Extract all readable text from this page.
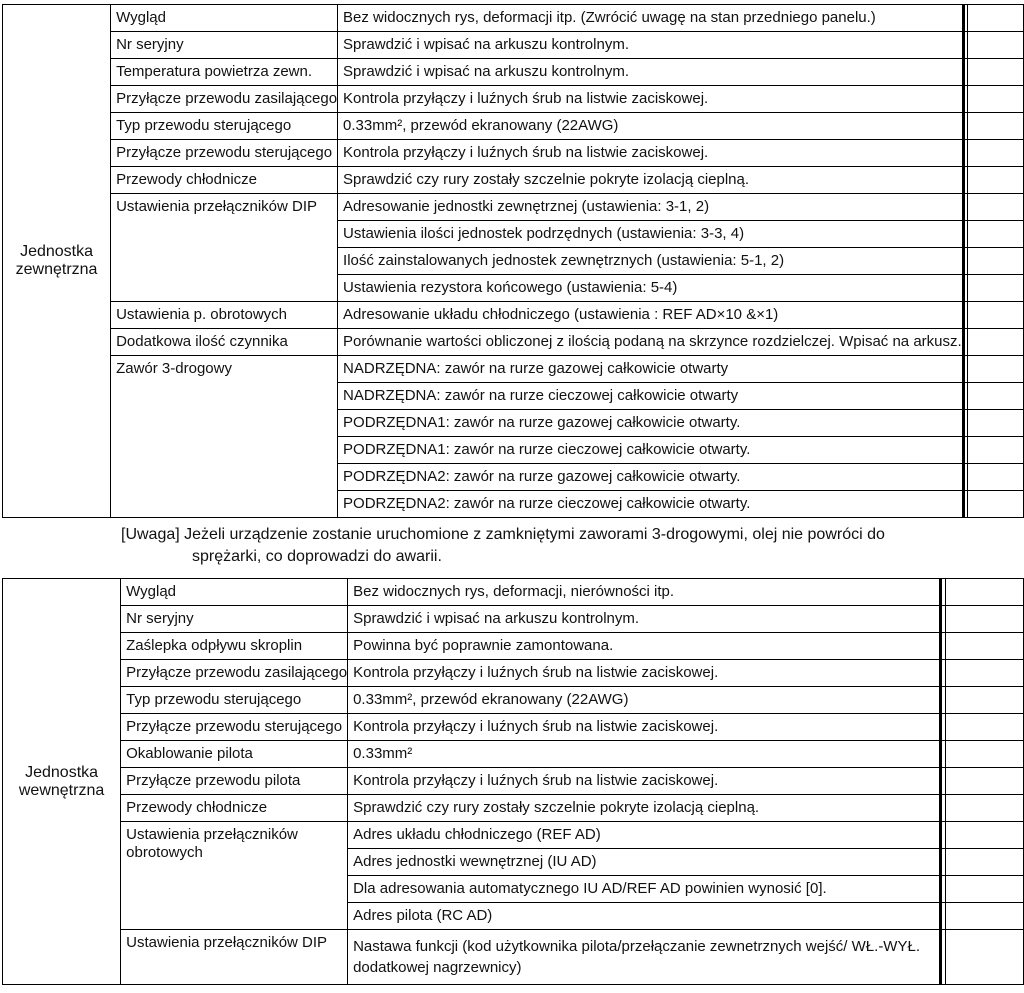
Jednostka zewnętrzna	Wygląd	Bez widocznych rys, deformacji itp. (Zwrócić uwagę na stan przedniego panelu.)		
	Nr seryjny	Sprawdzić i wpisać na arkuszu kontrolnym.		
	Temperatura powietrza zewn.	Sprawdzić i wpisać na arkuszu kontrolnym.		
	Przyłącze przewodu zasilającego	Kontrola przyłączy i luźnych śrub na listwie zaciskowej.		
	Typ przewodu sterującego	0.33mm², przewód ekranowany (22AWG)		
	Przyłącze przewodu sterującego	Kontrola przyłączy i luźnych śrub na listwie zaciskowej.		
	Przewody chłodnicze	Sprawdzić czy rury zostały szczelnie pokryte izolacją cieplną.		
	Ustawienia przełączników DIP	Adresowanie jednostki zewnętrznej (ustawienia: 3-1, 2)		
		Ustawienia ilości jednostek podrzędnych (ustawienia: 3-3, 4)		
		Ilość zainstalowanych jednostek zewnętrznych (ustawienia: 5-1, 2)		
		Ustawienia rezystora końcowego (ustawienia: 5-4)		
	Ustawienia p. obrotowych	Adresowanie układu chłodniczego (ustawienia : REF AD×10 &×1)		
	Dodatkowa ilość czynnika	Porównanie wartości obliczonej z ilością podaną na skrzynce rozdzielczej. Wpisać na arkusz.		
	Zawór 3-drogowy	NADRZĘDNA: zawór na rurze gazowej całkowicie otwarty		
		NADRZĘDNA: zawór na rurze cieczowej całkowicie otwarty		
		PODRZĘDNA1: zawór na rurze gazowej całkowicie otwarty.		
		PODRZĘDNA1: zawór na rurze cieczowej całkowicie otwarty.		
		PODRZĘDNA2: zawór na rurze gazowej całkowicie otwarty.		
		PODRZĘDNA2: zawór na rurze cieczowej całkowicie otwarty.		
[Uwaga] Jeżeli urządzenie zostanie uruchomione z zamkniętymi zaworami 3-drogowymi, olej nie powróci do
sprężarki, co doprowadzi do awarii.
Jednostka wewnętrzna	Wygląd	Bez widocznych rys, deformacji, nierówności itp.		
	Nr seryjny	Sprawdzić i wpisać na arkuszu kontrolnym.		
	Zaślepka odpływu skroplin	Powinna być poprawnie zamontowana.		
	Przyłącze przewodu zasilającego	Kontrola przyłączy i luźnych śrub na listwie zaciskowej.		
	Typ przewodu sterującego	0.33mm², przewód ekranowany (22AWG)		
	Przyłącze przewodu sterującego	Kontrola przyłączy i luźnych śrub na listwie zaciskowej.		
	Okablowanie pilota	0.33mm²		
	Przyłącze przewodu pilota	Kontrola przyłączy i luźnych śrub na listwie zaciskowej.		
	Przewody chłodnicze	Sprawdzić czy rury zostały szczelnie pokryte izolacją cieplną.		
	Ustawienia przełączników obrotowych	Adres układu chłodniczego (REF AD)		
		Adres jednostki wewnętrznej (IU AD)		
		Dla adresowania automatycznego IU AD/REF AD powinien wynosić [0].		
		Adres pilota (RC AD)		
	Ustawienia przełączników DIP	Nastawa funkcji (kod użytkownika pilota/przełączanie zewnetrznych wejść/ WŁ.-WYŁ. dodatkowej nagrzewnicy)		
